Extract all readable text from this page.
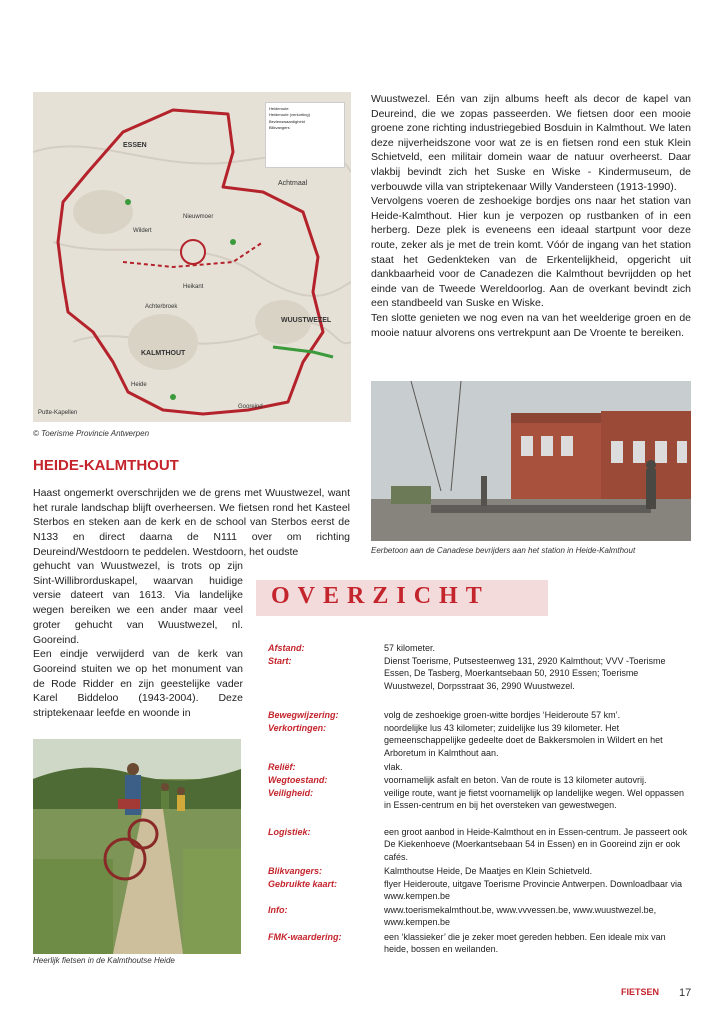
Heideroute
Heideroute (verkorting)
Bezienswaardigheid
Blikvangers
ESSEN
Achtmaal
WUUSTWEZEL
KALMTHOUT
Wildert
Nieuwmoer
Heikant
Achterbroek
Gooreind
Putte-Kapellen
Heide
© Toerisme Provincie Antwerpen

Wuustwezel. Eén van zijn albums heeft als decor de kapel van Deureind, die we zopas passeerden. We fietsen door een mooie groene zone richting industriegebied Bosduin in Kalmthout. We laten deze nijverheidszone voor wat ze is en fietsen rond een stuk Klein Schietveld, een militair domein waar de natuur overheerst. Daar vlakbij bevindt zich het Suske en Wiske - Kindermuseum, de verbouwde villa van striptekenaar Willy Vandersteen (1913-1990).

Vervolgens voeren de zeshoekige bordjes ons naar het station van Heide-Kalmthout. Hier kun je verpozen op rustbanken of in een herberg. Deze plek is eveneens een ideaal startpunt voor deze route, zeker als je met de trein komt. Vóór de ingang van het station staat het Gedenkteken van de Erkentelijkheid, opgericht uit dankbaarheid voor de Canadezen die Kalmthout bevrijdden op het einde van de Tweede Wereldoorlog. Aan de overkant bevindt zich een standbeeld van Suske en Wiske.

Ten slotte genieten we nog even na van het weelderige groen en de mooie natuur alvorens ons vertrekpunt aan De Vroente te bereiken.

Eerbetoon aan de Canadese bevrijders aan het station in Heide-Kalmthout
HEIDE-KALMTHOUT
Haast ongemerkt overschrijden we de grens met Wuustwezel, want het rurale landschap blijft overheersen. We fietsen rond het Kasteel Sterbos en steken aan de kerk en de school van Sterbos eerst de N133 en direct daarna de N111 over om richting Deureind/Westdoorn te peddelen. Westdoorn, het oudste

gehucht van Wuustwezel, is trots op zijn Sint-Willibrorduskapel, waarvan huidige versie dateert van 1613. Via landelijke wegen bereiken we een ander maar veel groter gehucht van Wuustwezel, nl. Gooreind.

Een eindje verwijderd van de kerk van Gooreind stuiten we op het monument van de Rode Ridder en zijn geestelijke vader Karel Biddeloo (1943-2004). Deze striptekenaar leefde en woonde in

OVERZICHT
Afstand:	57 kilometer.
Start:	Dienst Toerisme, Putsesteenweg 131, 2920 Kalmthout; VVV -Toerisme Essen, De Tasberg, Moerkantsebaan 50, 2910 Essen; Toerisme Wuustwezel, Dorpsstraat 36, 2990 Wuustwezel.
Bewegwijzering:	volg de zeshoekige groen-witte bordjes ‘Heideroute 57 km’.
Verkortingen:	noordelijke lus 43 kilometer; zuidelijke lus 39 kilometer. Het gemeenschappelijke gedeelte doet de Bakkersmolen in Wildert en het Arboretum in Kalmthout aan.
Reliëf:	vlak.
Wegtoestand:	voornamelijk asfalt en beton. Van de route is 13 kilometer autovrij.
Veiligheid:	veilige route, want je fietst voornamelijk op landelijke wegen. Wel oppassen in Essen-centrum en bij het oversteken van gewestwegen.
Logistiek:	een groot aanbod in Heide-Kalmthout en in Essen-centrum. Je passeert ook De Kiekenhoeve (Moerkantsebaan 54 in Essen) en in Gooreind zijn er ook cafés.
Blikvangers:	Kalmthoutse Heide, De Maatjes en Klein Schietveld.
Gebruikte kaart:	flyer Heideroute, uitgave Toerisme Provincie Antwerpen. Downloadbaar via www.kempen.be
Info:	www.toerismekalmthout.be, www.vvvessen.be, www.wuustwezel.be, www.kempen.be
FMK-waardering:	een ‘klassieker’ die je zeker moet gereden hebben. Een ideale mix van heide, bossen en weilanden.
Heerlijk fietsen in de Kalmthoutse Heide
FIETSEN 17
